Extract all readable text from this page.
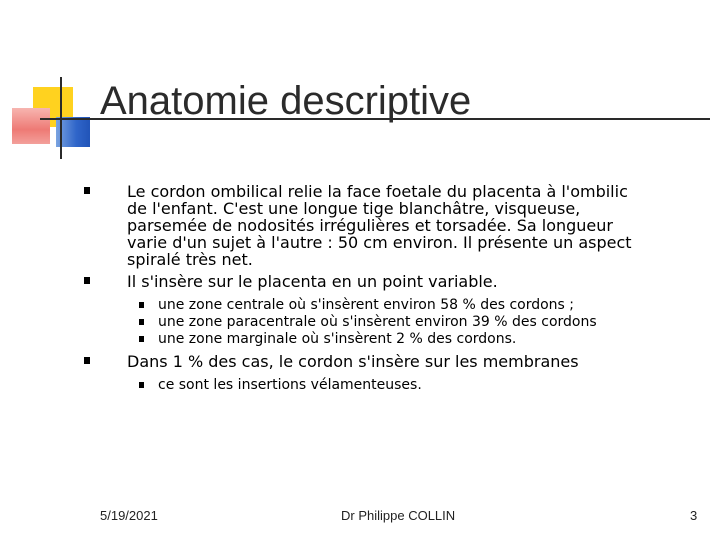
Anatomie descriptive
Le cordon ombilical relie la face foetale du placenta à l'ombilic
de l'enfant. C'est une longue tige blanchâtre, visqueuse,
parsemée de nodosités irrégulières et torsadée. Sa longueur
varie d'un sujet à l'autre : 50 cm environ. Il présente un aspect
spiralé très net.
Il s'insère sur le placenta en un point variable.
une zone centrale où s'insèrent environ 58 % des cordons ;
une zone paracentrale où s'insèrent environ 39 % des cordons
une zone marginale où s'insèrent 2 % des cordons.
Dans 1 % des cas, le cordon s'insère sur les membranes
ce sont les insertions vélamenteuses.
5/19/2021	Dr Philippe COLLIN	3
